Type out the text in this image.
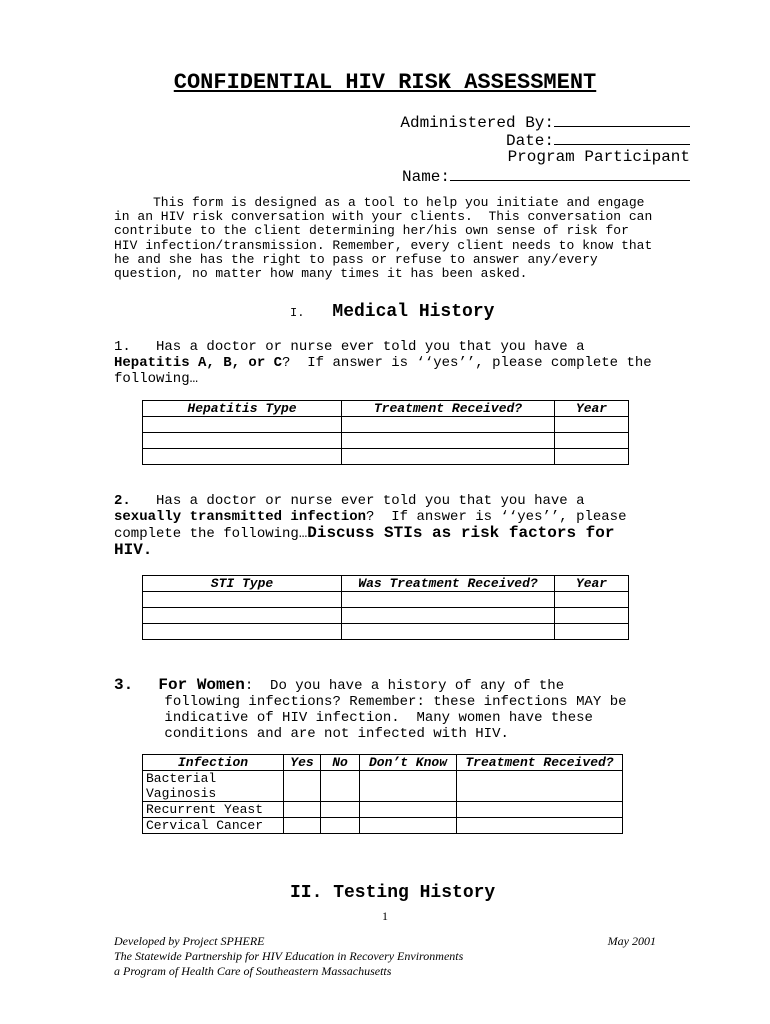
CONFIDENTIAL HIV RISK ASSESSMENT
Administered By:
Date:
Program Participant
Name:
This form is designed as a tool to help you initiate and engage
in an HIV risk conversation with your clients.  This conversation can
contribute to the client determining her/his own sense of risk for
HIV infection/transmission. Remember, every client needs to know that
he and she has the right to pass or refuse to answer any/every
question, no matter how many times it has been asked.
I. Medical History
1.   Has a doctor or nurse ever told you that you have a
Hepatitis A, B, or C?  If answer is ‘‘yes’’, please complete the
following…
Hepatitis Type	Treatment Received?	Year

2.   Has a doctor or nurse ever told you that you have a
sexually transmitted infection?  If answer is ‘‘yes’’, please
complete the following…Discuss STIs as risk factors for
HIV.
STI Type	Was Treatment Received?	Year

3. For Women:  Do you have a history of any of the
following infections? Remember: these infections MAY be
indicative of HIV infection.  Many women have these
conditions and are not infected with HIV.
Infection	Yes	No	Don’t Know	Treatment Received?
Bacterial Vaginosis				
Recurrent Yeast				
Cervical Cancer				
II. Testing History
1
Developed by Project SPHERE
The Statewide Partnership for HIV Education in Recovery Environments
a Program of Health Care of Southeastern Massachusetts
May 2001
